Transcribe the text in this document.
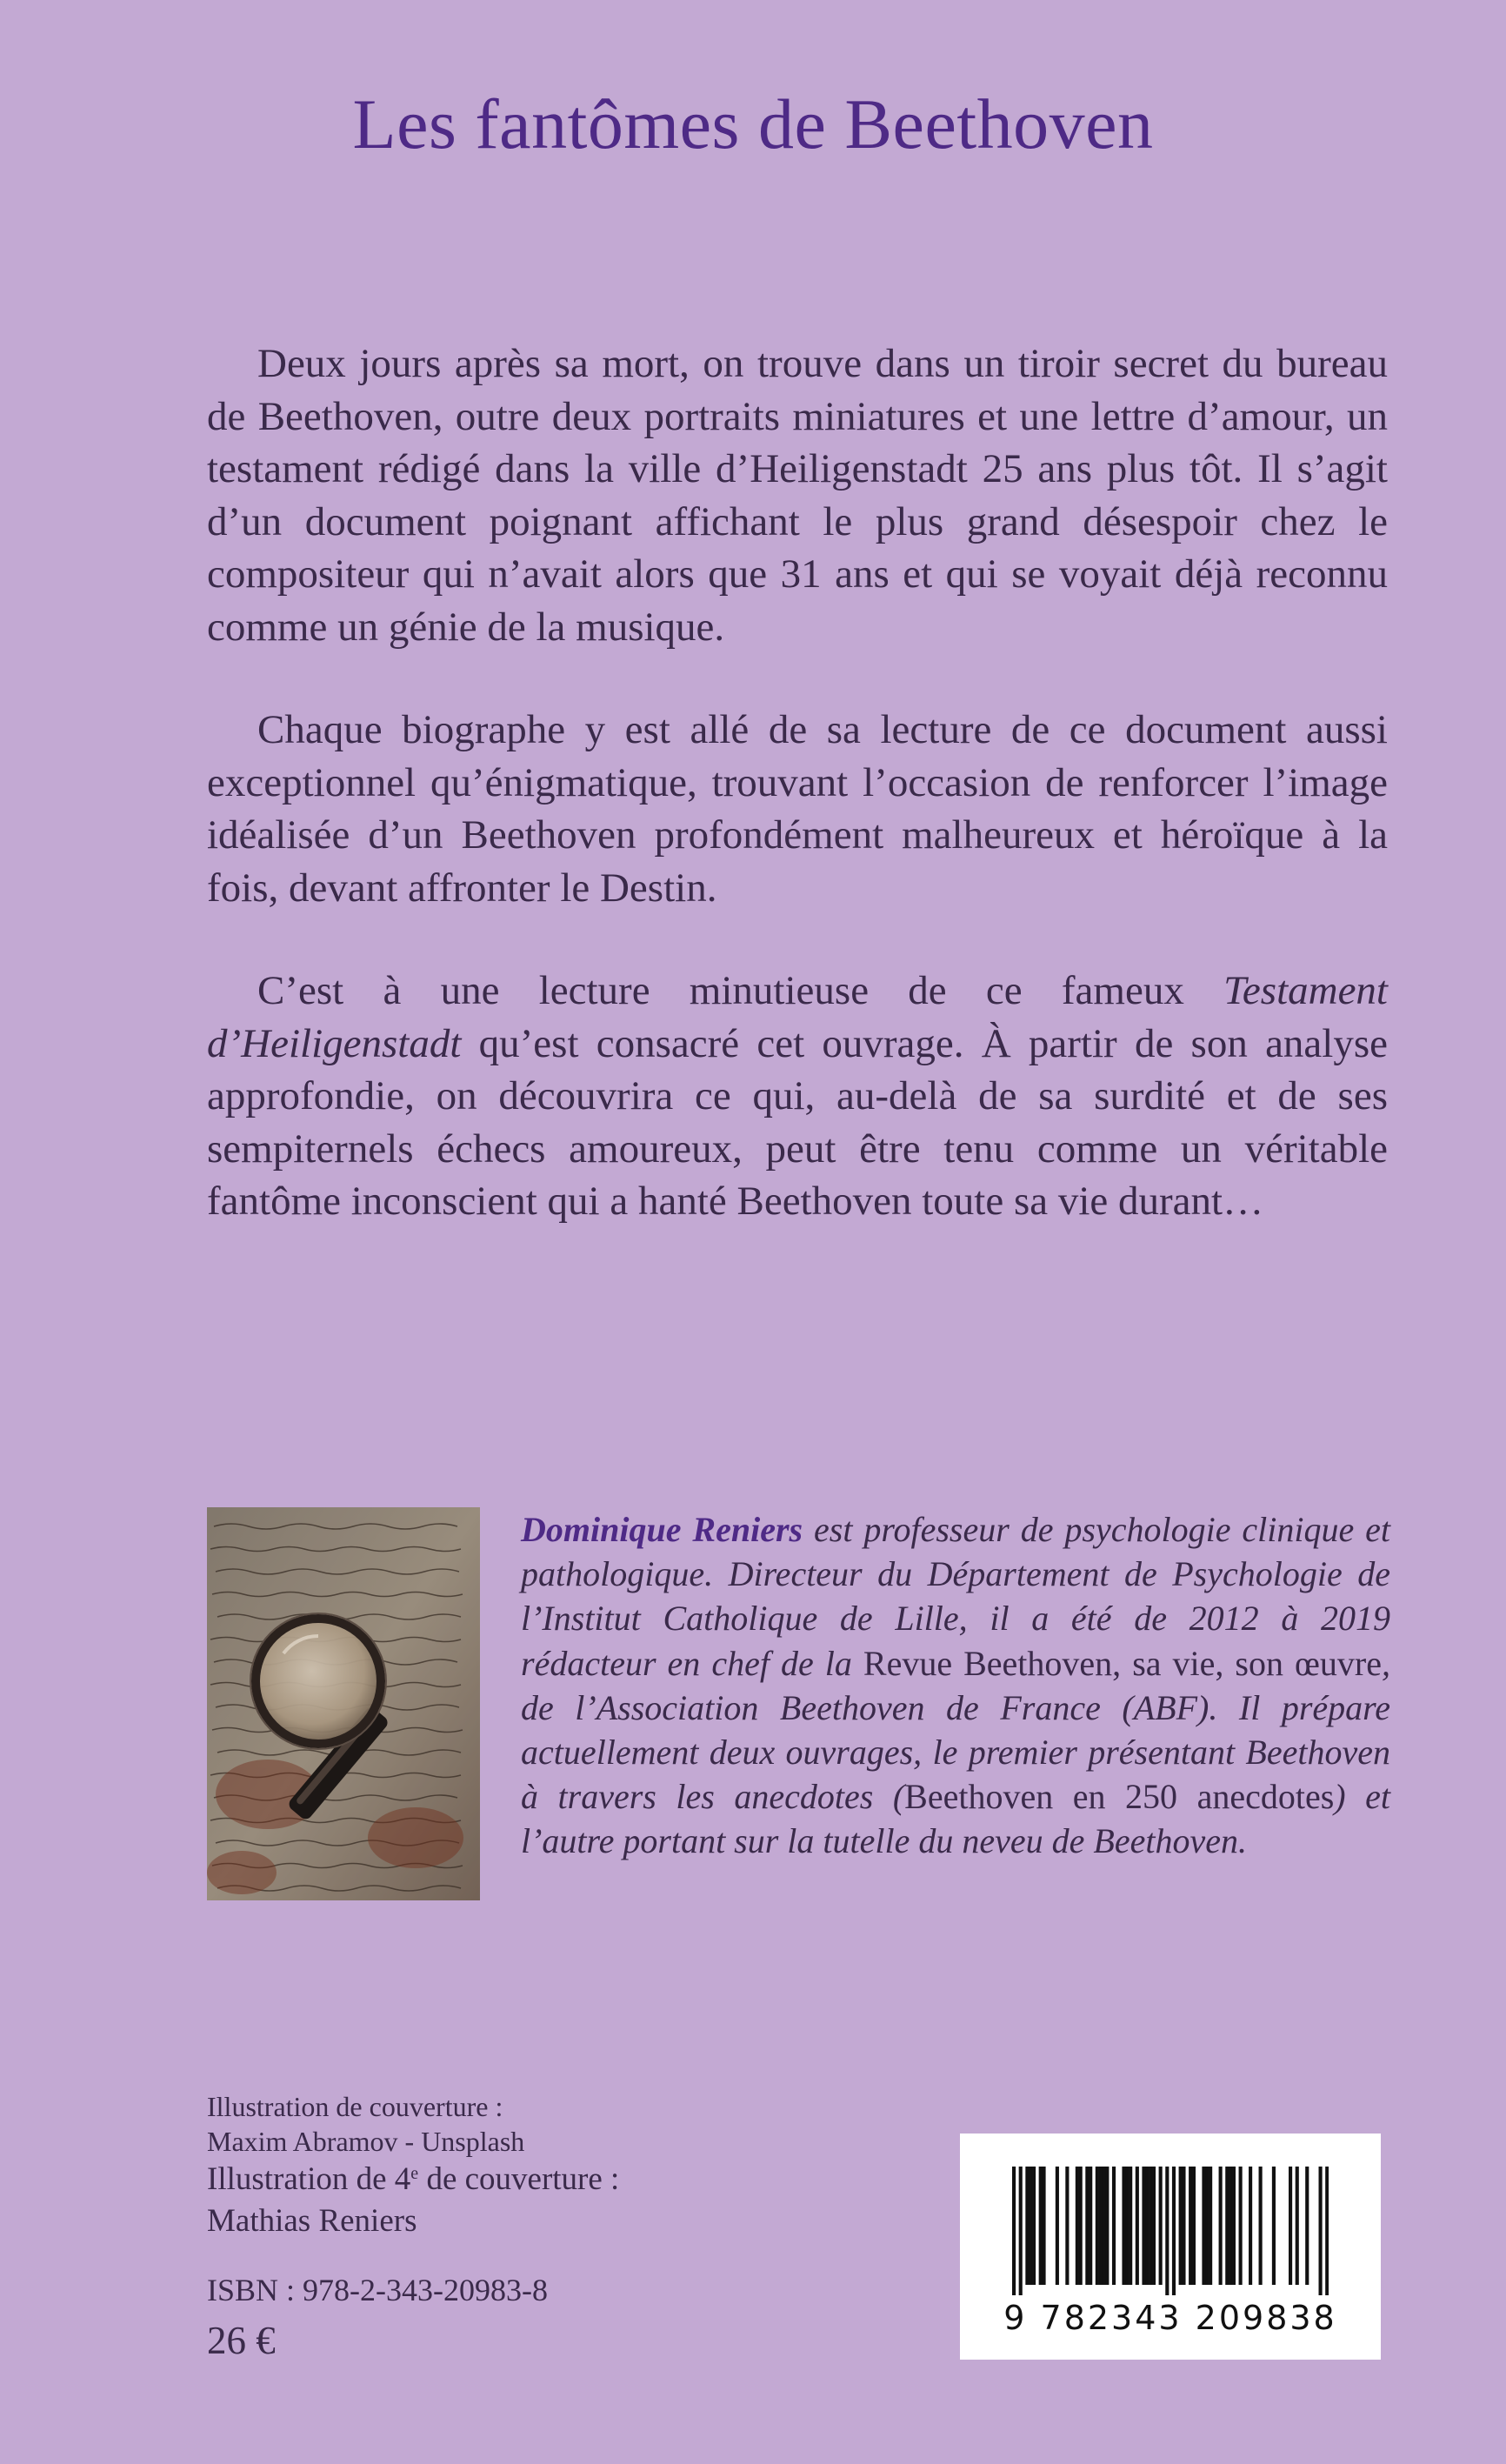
Les fantômes de Beethoven

Deux jours après sa mort, on trouve dans un tiroir secret du bureau de Beethoven, outre deux portraits miniatures et une lettre d’amour, un testament rédigé dans la ville d’Heiligenstadt 25 ans plus tôt. Il s’agit d’un document poignant affichant le plus grand désespoir chez le compositeur qui n’avait alors que 31 ans et qui se voyait déjà reconnu comme un génie de la musique.

Chaque biographe y est allé de sa lecture de ce document aussi exceptionnel qu’énigmatique, trouvant l’occasion de renforcer l’image idéalisée d’un Beethoven profondément malheureux et héroïque à la fois, devant affronter le Destin.

C’est à une lecture minutieuse de ce fameux Testament d’Heiligenstadt qu’est consacré cet ouvrage. À partir de son analyse approfondie, on découvrira ce qui, au-delà de sa surdité et de ses sempiternels échecs amoureux, peut être tenu comme un véritable fantôme inconscient qui a hanté Beethoven toute sa vie durant…

Dominique Reniers est professeur de psychologie clinique et pathologique. Directeur du Département de Psychologie de l’Institut Catholique de Lille, il a été de 2012 à 2019 rédacteur en chef de la Revue Beethoven, sa vie, son œuvre, de l’Association Beethoven de France (ABF). Il prépare actuellement deux ouvrages, le premier présentant Beethoven à travers les anecdotes (Beethoven en 250 anecdotes) et l’autre portant sur la tutelle du neveu de Beethoven.
Illustration de couverture :
Maxim Abramov - Unsplash
Illustration de 4e de couverture :
Mathias Reniers
ISBN : 978-2-343-20983-8
26 €
9 782343 209838
